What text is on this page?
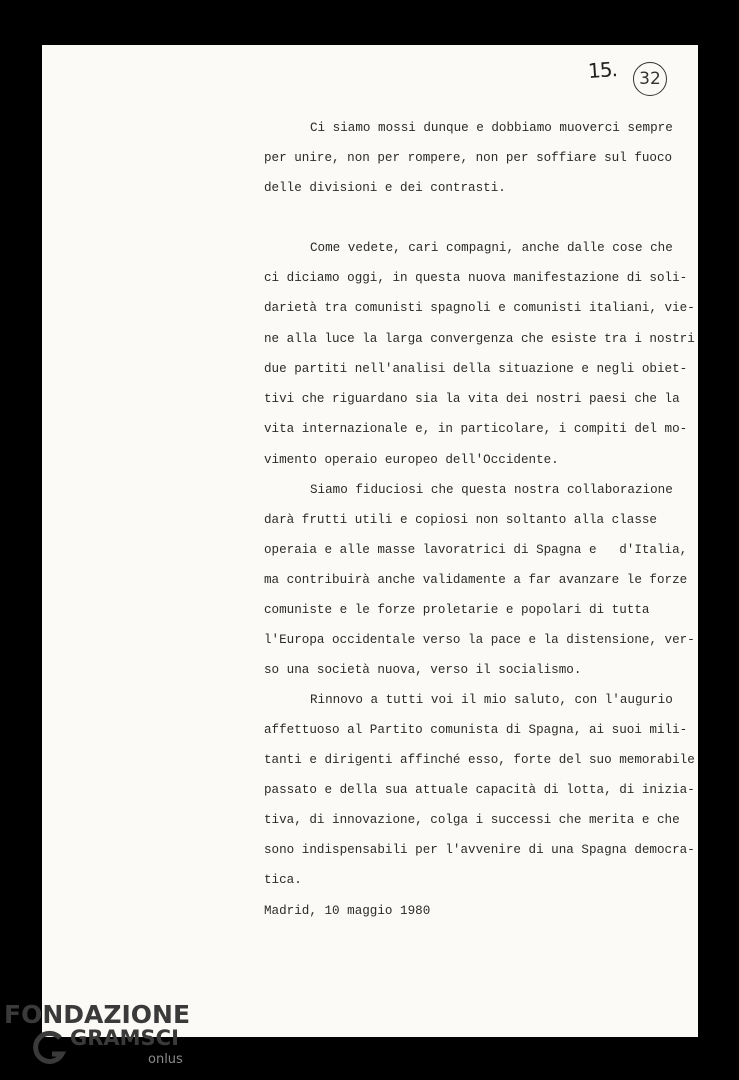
15. 32
Ci siamo mossi dunque e dobbiamo muoverci sempre
per unire, non per rompere, non per soffiare sul fuoco
delle divisioni e dei contrasti.
Come vedete, cari compagni, anche dalle cose che
ci diciamo oggi, in questa nuova manifestazione di soli-
darietà tra comunisti spagnoli e comunisti italiani, vie-
ne alla luce la larga convergenza che esiste tra i nostri
due partiti nell'analisi della situazione e negli obiet-
tivi che riguardano sia la vita dei nostri paesi che la
vita internazionale e, in particolare, i compiti del mo-
vimento operaio europeo dell'Occidente.
Siamo fiduciosi che questa nostra collaborazione
darà frutti utili e copiosi non soltanto alla classe
operaia e alle masse lavoratrici di Spagna e   d'Italia,
ma contribuirà anche validamente a far avanzare le forze
comuniste e le forze proletarie e popolari di tutta
l'Europa occidentale verso la pace e la distensione, ver-
so una società nuova, verso il socialismo.
Rinnovo a tutti voi il mio saluto, con l'augurio
affettuoso al Partito comunista di Spagna, ai suoi mili-
tanti e dirigenti affinché esso, forte del suo memorabile
passato e della sua attuale capacità di lotta, di inizia-
tiva, di innovazione, colga i successi che merita e che
sono indispensabili per l'avvenire di una Spagna democra-
tica.
Madrid, 10 maggio 1980
FONDAZIONE
GRAMSCI
onlus
